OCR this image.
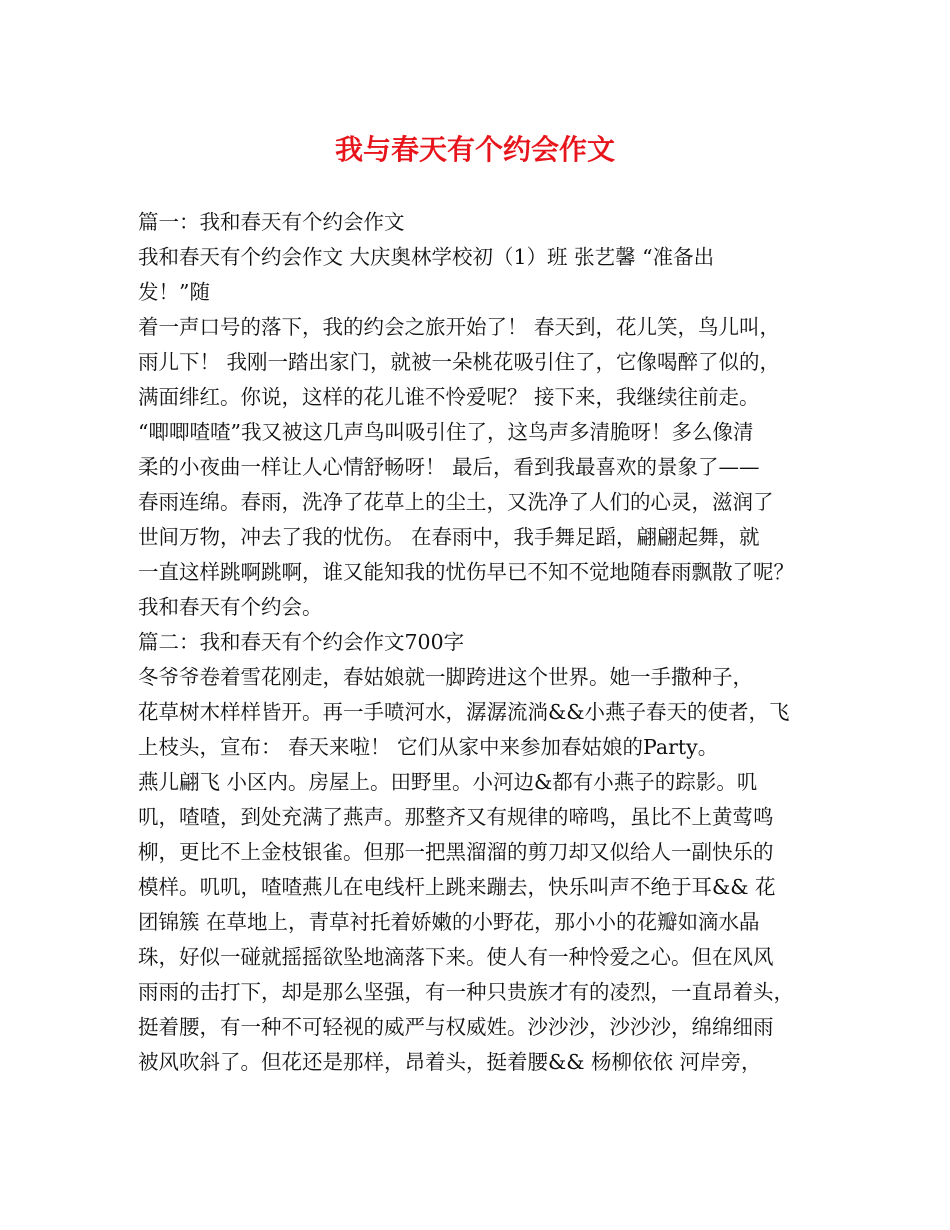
我与春天有个约会作文
篇一：我和春天有个约会作文
我和春天有个约会作文 大庆奥林学校初（1）班 张艺馨 “准备出
发！”随
着一声口号的落下，我的约会之旅开始了！ 春天到，花儿笑，鸟儿叫，
雨儿下！ 我刚一踏出家门，就被一朵桃花吸引住了，它像喝醉了似的，
满面绯红。你说，这样的花儿谁不怜爱呢？ 接下来，我继续往前走。
“唧唧喳喳”我又被这几声鸟叫吸引住了，这鸟声多清脆呀！多么像清
柔的小夜曲一样让人心情舒畅呀！ 最后，看到我最喜欢的景象了——
春雨连绵。春雨，洗净了花草上的尘土，又洗净了人们的心灵，滋润了
世间万物，冲去了我的忧伤。 在春雨中，我手舞足蹈，翩翩起舞，就
一直这样跳啊跳啊，谁又能知我的忧伤早已不知不觉地随春雨飘散了呢？
我和春天有个约会。
篇二：我和春天有个约会作文700字
冬爷爷卷着雪花刚走，春姑娘就一脚跨进这个世界。她一手撒种子，
花草树木样样皆开。再一手喷河水，潺潺流淌&&小燕子春天的使者，飞
上枝头，宣布： 春天来啦！ 它们从家中来参加春姑娘的Party。
燕儿翩飞 小区内。房屋上。田野里。小河边&都有小燕子的踪影。叽
叽，喳喳，到处充满了燕声。那整齐又有规律的啼鸣，虽比不上黄莺鸣
柳，更比不上金枝银雀。但那一把黑溜溜的剪刀却又似给人一副快乐的
模样。叽叽，喳喳燕儿在电线杆上跳来蹦去，快乐叫声不绝于耳&& 花
团锦簇 在草地上，青草衬托着娇嫩的小野花，那小小的花瓣如滴水晶
珠，好似一碰就摇摇欲坠地滴落下来。使人有一种怜爱之心。但在风风
雨雨的击打下，却是那么坚强，有一种只贵族才有的凌烈，一直昂着头，
挺着腰，有一种不可轻视的威严与权威姓。沙沙沙，沙沙沙，绵绵细雨
被风吹斜了。但花还是那样，昂着头，挺着腰&& 杨柳依依 河岸旁，
